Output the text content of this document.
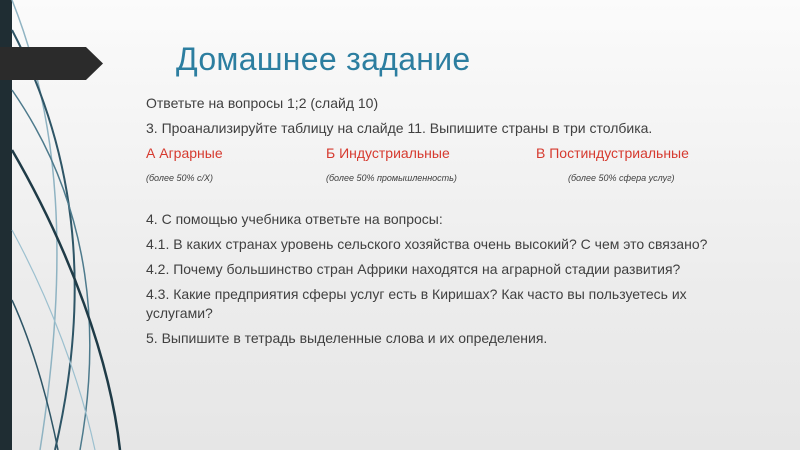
Домашнее задание

Ответьте на вопросы 1;2 (слайд 10)

3. Проанализируйте таблицу на слайде 11. Выпишите страны в три столбика.

А Аграрные
(более 50% с/Х)
Б Индустриальные
(более 50% промышленность)
В Постиндустриальные
(более 50% сфера услуг)

4. С помощью учебника ответьте на вопросы:

4.1. В каких странах уровень сельского хозяйства очень высокий? С чем это связано?

4.2. Почему большинство стран Африки находятся на аграрной стадии развития?

4.3. Какие предприятия сферы услуг есть в Киришах? Как часто вы пользуетесь их услугами?

5. Выпишите в тетрадь выделенные слова и их определения.
